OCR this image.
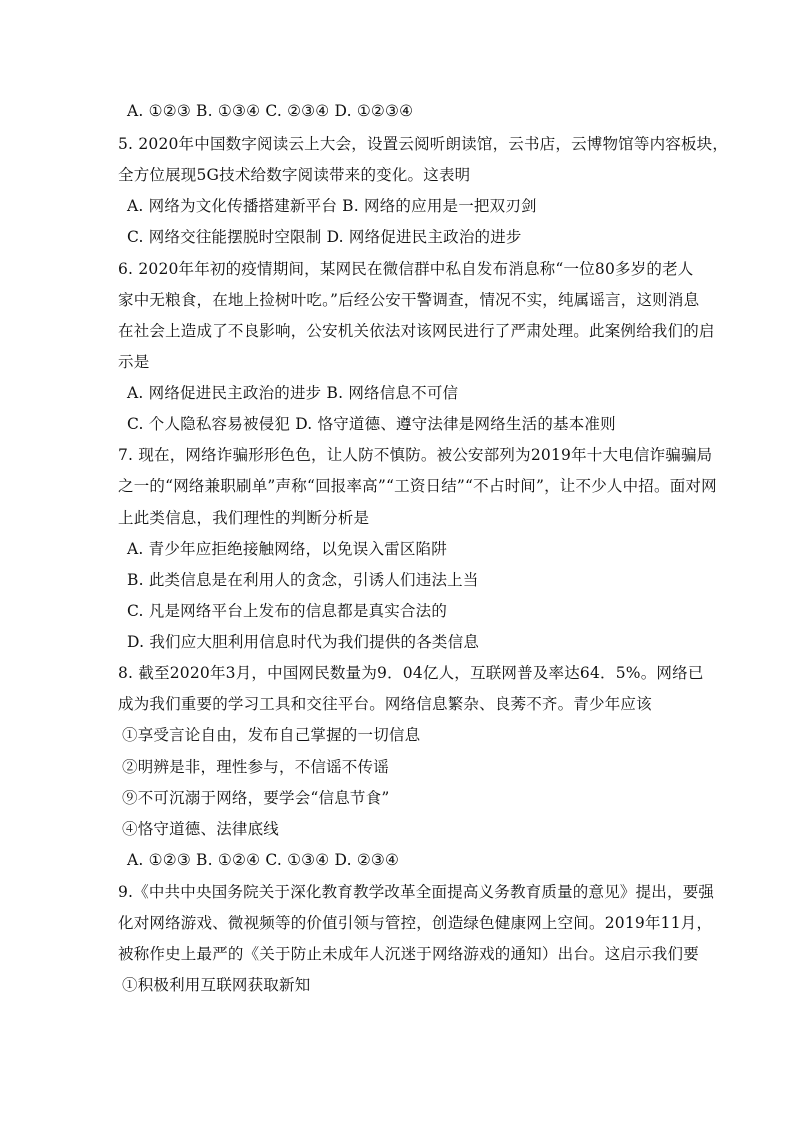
A. ①②③ B. ①③④ C. ②③④ D. ①②③④
5. 2020年中国数字阅读云上大会，设置云阅听朗读馆，云书店，云博物馆等内容板块，
全方位展现5G技术给数字阅读带来的变化。这表明
A. 网络为文化传播搭建新平台 B. 网络的应用是一把双刃剑
C. 网络交往能摆脱时空限制 D. 网络促进民主政治的进步
6. 2020年年初的疫情期间，某网民在微信群中私自发布消息称“一位80多岁的老人
家中无粮食，在地上捡树叶吃。”后经公安干警调查，情况不实，纯属谣言，这则消息
在社会上造成了不良影响，公安机关依法对该网民进行了严肃处理。此案例给我们的启
示是
A. 网络促进民主政治的进步 B. 网络信息不可信
C. 个人隐私容易被侵犯 D. 恪守道德、遵守法律是网络生活的基本准则
7. 现在，网络诈骗形形色色，让人防不慎防。被公安部列为2019年十大电信诈骗骗局
之一的“网络兼职刷单”声称“回报率高”“工资日结”“不占时间”，让不少人中招。面对网
上此类信息，我们理性的判断分析是
A. 青少年应拒绝接触网络，以免误入雷区陷阱
B. 此类信息是在利用人的贪念，引诱人们违法上当
C. 凡是网络平台上发布的信息都是真实合法的
D. 我们应大胆利用信息时代为我们提供的各类信息
8. 截至2020年3月，中国网民数量为9．04亿人，互联网普及率达64．5%。网络已
成为我们重要的学习工具和交往平台。网络信息繁杂、良莠不齐。青少年应该
①享受言论自由，发布自己掌握的一切信息
②明辨是非，理性参与，不信谣不传谣
⑨不可沉溺于网络，要学会“信息节食”
④恪守道德、法律底线
A. ①②③ B. ①②④ C. ①③④ D. ②③④
9.《中共中央国务院关于深化教育教学改革全面提高义务教育质量的意见》提出，要强
化对网络游戏、微视频等的价值引领与管控，创造绿色健康网上空间。2019年11月，
被称作史上最严的《关于防止未成年人沉迷于网络游戏的通知）出台。这启示我们要
①积极利用互联网获取新知
